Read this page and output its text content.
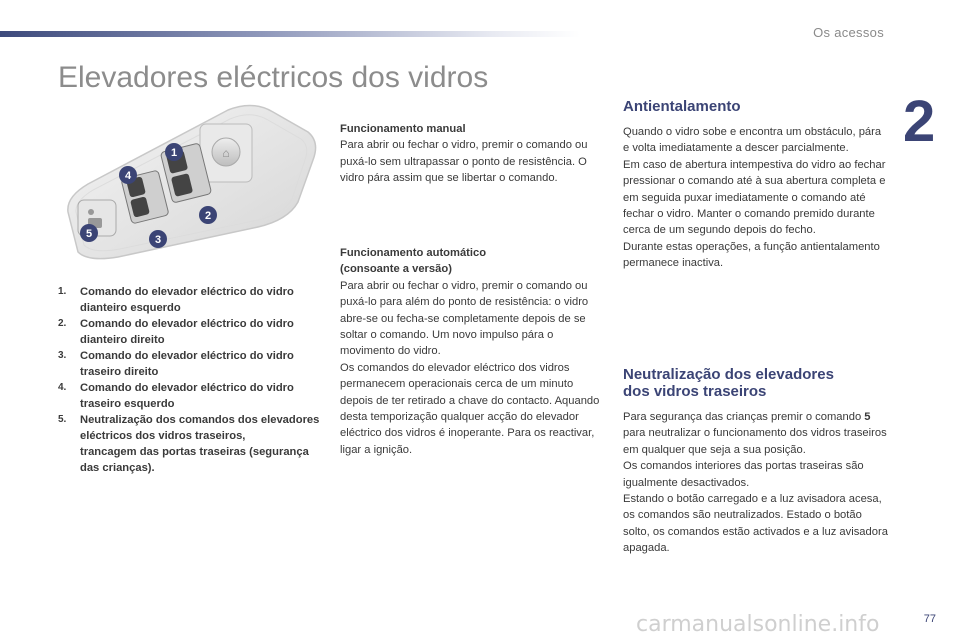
Os acessos
2
Elevadores eléctricos dos vidros
⌂
1
2
3
4
5
1. Comando do elevador eléctrico do vidro dianteiro esquerdo
2. Comando do elevador eléctrico do vidro dianteiro direito
3. Comando do elevador eléctrico do vidro traseiro direito
4. Comando do elevador eléctrico do vidro traseiro esquerdo
5. Neutralização dos comandos dos elevadores eléctricos dos vidros traseiros,
trancagem das portas traseiras (segurança das crianças).
Funcionamento manual

Para abrir ou fechar o vidro, premir o comando ou puxá-lo sem ultrapassar o ponto de resistência. O vidro pára assim que se libertar o comando.

Funcionamento automático
(consoante a versão)

Para abrir ou fechar o vidro, premir o comando ou puxá-lo para além do ponto de resistência: o vidro abre-se ou fecha-se completamente depois de se soltar o comando. Um novo impulso pára o movimento do vidro.

Os comandos do elevador eléctrico dos vidros permanecem operacionais cerca de um minuto depois de ter retirado a chave do contacto. Aquando desta temporização qualquer acção do elevador eléctrico dos vidros é inoperante. Para os reactivar, ligar a ignição.

Antientalamento

Quando o vidro sobe e encontra um obstáculo, pára e volta imediatamente a descer parcialmente.

Em caso de abertura intempestiva do vidro ao fechar pressionar o comando até à sua abertura completa e em seguida puxar imediatamente o comando até fechar o vidro. Manter o comando premido durante cerca de um segundo depois do fecho.

Durante estas operações, a função antientalamento permanece inactiva.

Neutralização dos elevadores
dos vidros traseiros

Para segurança das crianças premir o comando 5 para neutralizar o funcionamento dos vidros traseiros em qualquer que seja a sua posição.

Os comandos interiores das portas traseiras são igualmente desactivados.

Estando o botão carregado e a luz avisadora acesa, os comandos são neutralizados. Estado o botão solto, os comandos estão activados e a luz avisadora apagada.

carmanualsonline.info	77
